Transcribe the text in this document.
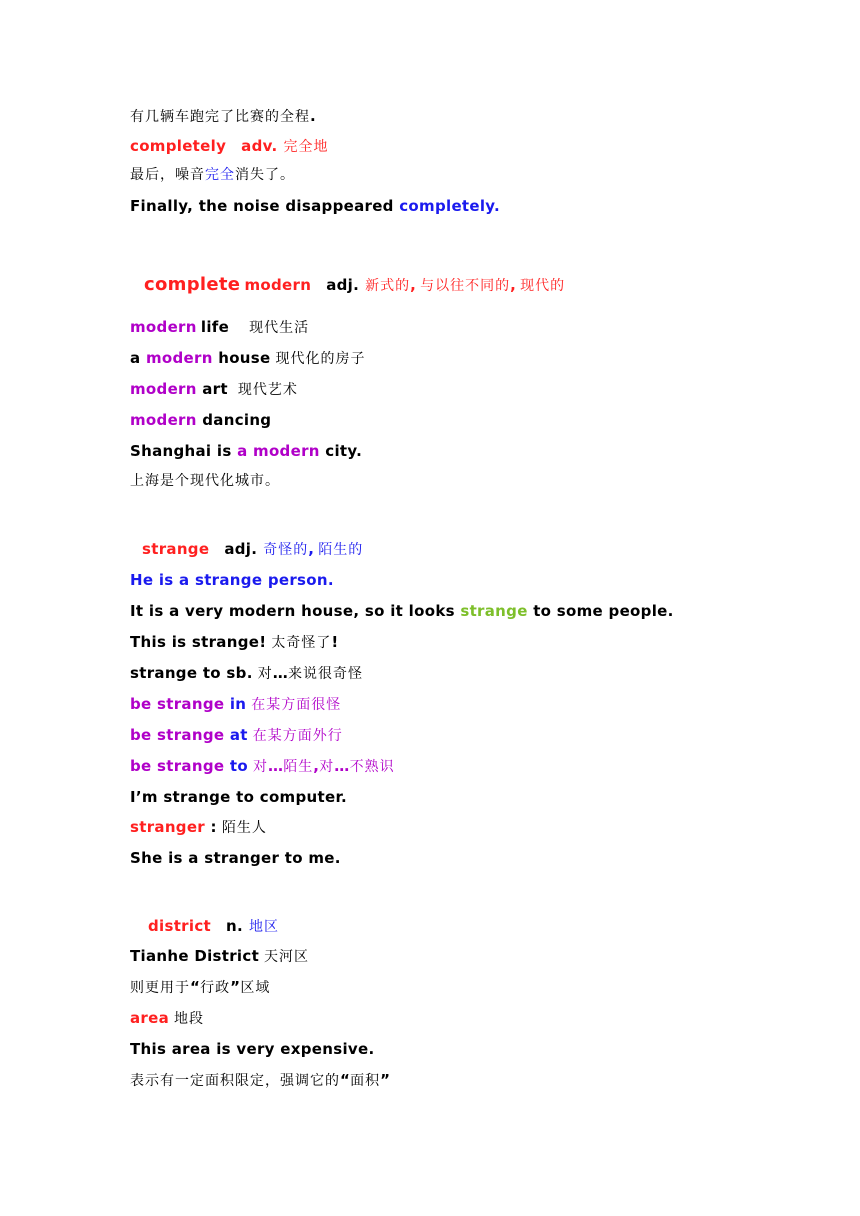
有几辆车跑完了比赛的全程.
completely adv. 完全地
最后，噪音完全消失了。
Finally, the noise disappeared completely.
complete modern adj. 新式的, 与以往不同的, 现代的
modern life 现代生活
a modern house 现代化的房子
modern art 现代艺术
modern dancing
Shanghai is a modern city.
上海是个现代化城市。
strange adj. 奇怪的, 陌生的
He is a strange person.
It is a very modern house, so it looks strange to some people.
This is strange! 太奇怪了!
strange to sb. 对…来说很奇怪
be strange in 在某方面很怪
be strange at 在某方面外行
be strange to 对…陌生,对…不熟识
I’m strange to computer.
stranger : 陌生人
She is a stranger to me.
district n. 地区
Tianhe District 天河区
则更用于“行政”区域
area 地段
This area is very expensive.
表示有一定面积限定，强调它的“面积”
